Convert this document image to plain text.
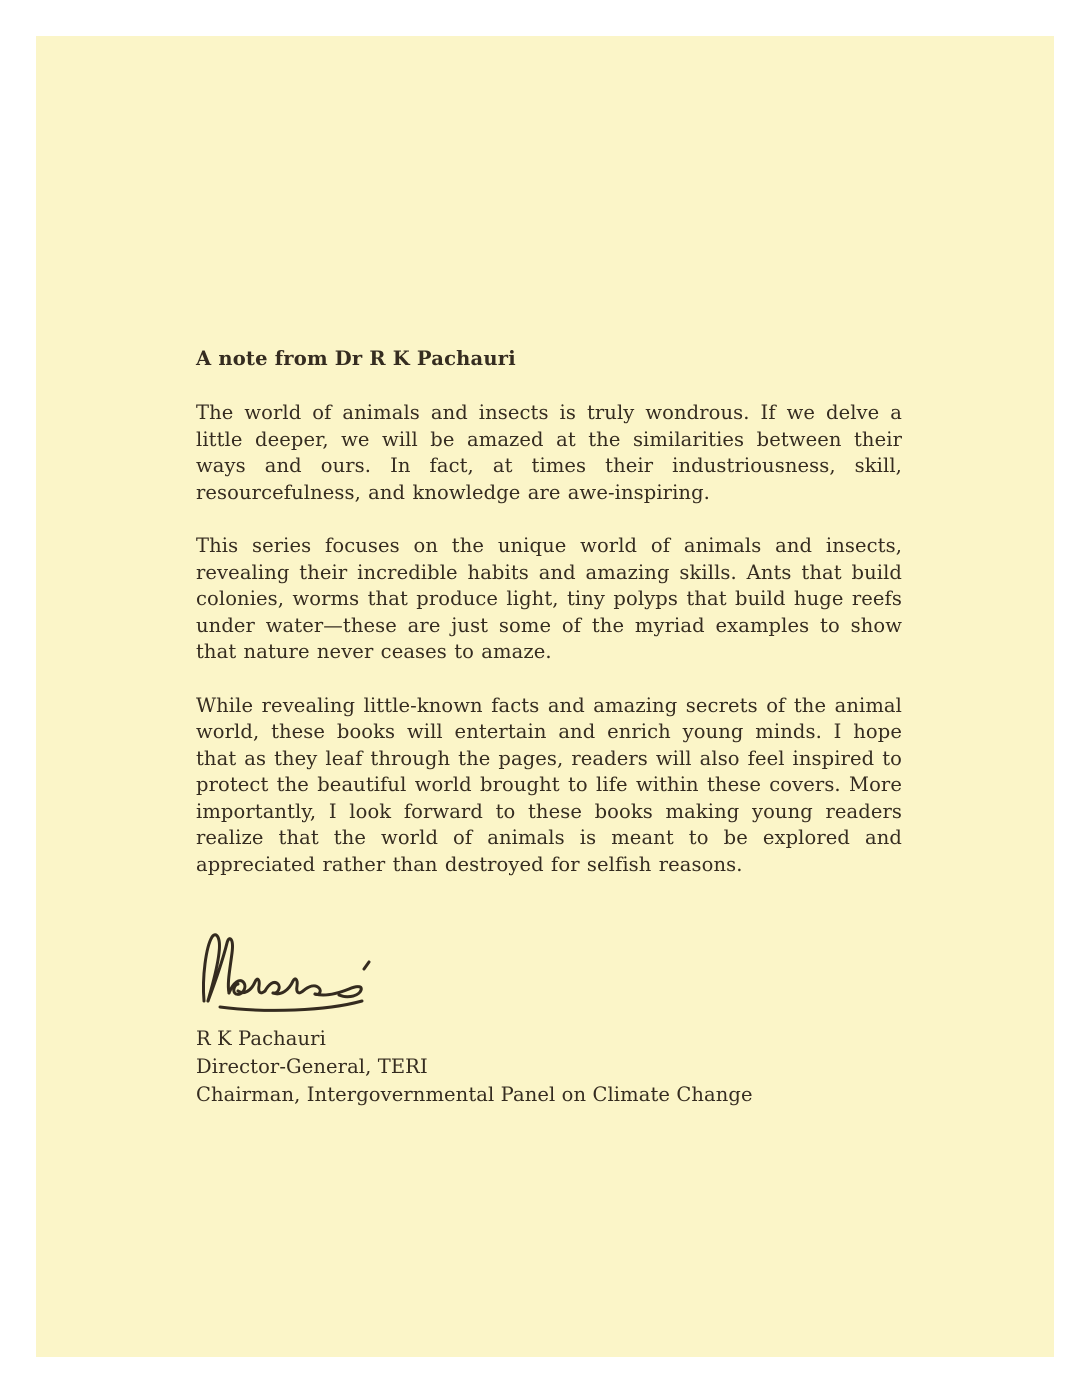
A note from Dr R K Pachauri

The world of animals and insects is truly wondrous. If we delve a little deeper, we will be amazed at the similarities between their ways and ours. In fact, at times their industriousness, skill, resourcefulness, and knowledge are awe-inspiring.

This series focuses on the unique world of animals and insects, revealing their incredible habits and amazing skills. Ants that build colonies, worms that produce light, tiny polyps that build huge reefs under water—these are just some of the myriad examples to show that nature never ceases to amaze.

While revealing little-known facts and amazing secrets of the animal world, these books will entertain and enrich young minds. I hope that as they leaf through the pages, readers will also feel inspired to protect the beautiful world brought to life within these covers. More importantly, I look forward to these books making young readers realize that the world of animals is meant to be explored and appreciated rather than destroyed for selfish reasons.

R K Pachauri

Director-General, TERI

Chairman, Intergovernmental Panel on Climate Change
